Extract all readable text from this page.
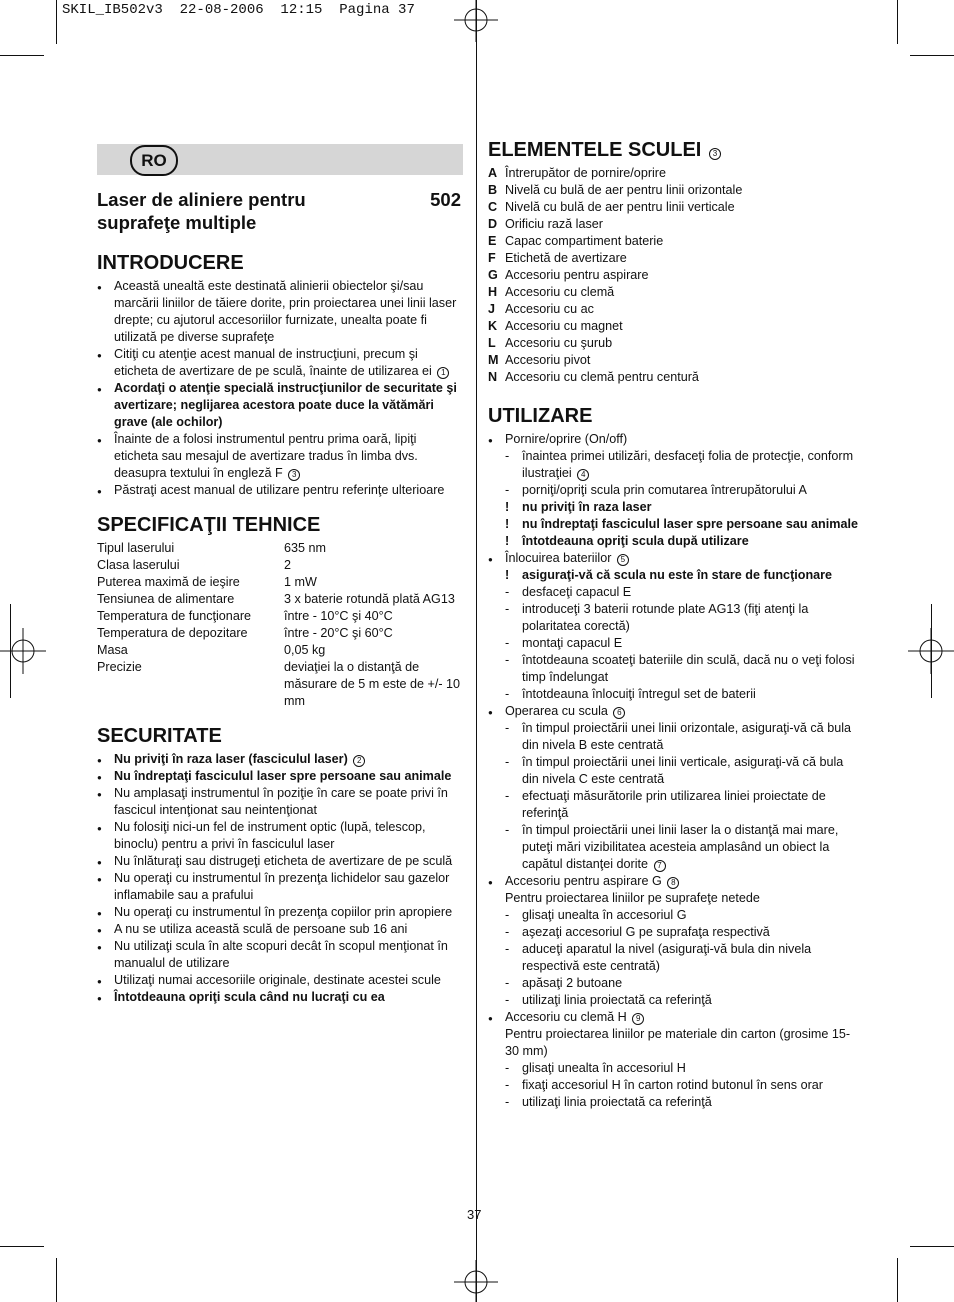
SKIL_IB502v3  22-08-2006  12:15  Pagina 37
RO
Laser de aliniere pentru
suprafeţe multiple
502
INTRODUCERE
● Această unealtă este destinată alinierii obiectelor şi/sau marcării liniilor de tăiere dorite, prin proiectarea unei linii laser drepte; cu ajutorul accesoriilor furnizate, unealta poate fi utilizată pe diverse suprafeţe
● Citiţi cu atenţie acest manual de instrucţiuni, precum şi eticheta de avertizare de pe sculă, înainte de utilizarea ei 1
● Acordaţi o atenţie specială instrucţiunilor de securitate şi avertizare; neglijarea acestora poate duce la vătămări grave (ale ochilor)
● Înainte de a folosi instrumentul pentru prima oară, lipiţi eticheta sau mesajul de avertizare tradus în limba dvs. deasupra textului în engleză F 3
● Păstraţi acest manual de utilizare pentru referinţe ulterioare
SPECIFICAŢII TEHNICE
Tipul laserului	635 nm
Clasa laserului	2
Puterea maximă de ieşire	1 mW
Tensiunea de alimentare	3 x baterie rotundă plată AG13
Temperatura de funcţionare	între - 10°C şi 40°C
Temperatura de depozitare	între - 20°C şi 60°C
Masa	0,05 kg
Precizie	deviaţiei la o distanţă de măsurare de 5 m este de +/- 10 mm
SECURITATE
● Nu priviţi în raza laser (fasciculul laser) 2
● Nu îndreptaţi fasciculul laser spre persoane sau animale
● Nu amplasaţi instrumentul în poziţie în care se poate privi în fascicul intenţionat sau neintenţionat
● Nu folosiţi nici-un fel de instrument optic (lupă, telescop, binoclu) pentru a privi în fasciculul laser
● Nu înlăturaţi sau distrugeţi eticheta de avertizare de pe sculă
● Nu operaţi cu instrumentul în prezenţa lichidelor sau gazelor inflamabile sau a prafului
● Nu operaţi cu instrumentul în prezenţa copiilor prin apropiere
● A nu se utiliza această sculă de persoane sub 16 ani
● Nu utilizaţi scula în alte scopuri decât în scopul menţionat în manualul de utilizare
● Utilizaţi numai accesoriile originale, destinate acestei scule
● Întotdeauna opriţi scula când nu lucraţi cu ea
ELEMENTELE SCULEI 3
A Întrerupător de pornire/oprire
B Nivelă cu bulă de aer pentru linii orizontale
C Nivelă cu bulă de aer pentru linii verticale
D Orificiu rază laser
E Capac compartiment baterie
F Etichetă de avertizare
G Accesoriu pentru aspirare
H Accesoriu cu clemă
J Accesoriu cu ac
K Accesoriu cu magnet
L Accesoriu cu şurub
M Accesoriu pivot
N Accesoriu cu clemă pentru centură
UTILIZARE
● Pornire/oprire (On/off)
-	înaintea primei utilizări, desfaceţi folia de protecţie, conform ilustraţiei 4
-	porniţi/opriţi scula prin comutarea întrerupătorului A
!	nu priviţi în raza laser
!	nu îndreptaţi fasciculul laser spre persoane sau animale
!	întotdeauna opriţi scula după utilizare
● Înlocuirea bateriilor 5
!	asiguraţi-vă că scula nu este în stare de funcţionare
-	desfaceţi capacul E
-	introduceţi 3 baterii rotunde plate AG13 (fiţi atenţi la polaritatea corectă)
-	montaţi capacul E
-	întotdeauna scoateţi bateriile din sculă, dacă nu o veţi folosi timp îndelungat
-	întotdeauna înlocuiţi întregul set de baterii
● Operarea cu scula 6
-	în timpul proiectării unei linii orizontale, asiguraţi-vă că bula din nivela B este centrată
-	în timpul proiectării unei linii verticale, asiguraţi-vă că bula din nivela C este centrată
-	efectuaţi măsurătorile prin utilizarea liniei proiectate de referinţă
-	în timpul proiectării unei linii laser la o distanţă mai mare, puteţi mări vizibilitatea acesteia amplasând un obiect la capătul distanţei dorite 7
● Accesoriu pentru aspirare G 8
Pentru proiectarea liniilor pe suprafeţe netede
-	glisaţi unealta în accesoriul G
-	aşezaţi accesoriul G pe suprafaţa respectivă
-	aduceţi aparatul la nivel (asiguraţi-vă bula din nivela respectivă este centrată)
-	apăsaţi 2 butoane
-	utilizaţi linia proiectată ca referinţă
● Accesoriu cu clemă H 9
Pentru proiectarea liniilor pe materiale din carton (grosime 15-30 mm)
-	glisaţi unealta în accesoriul H
-	fixaţi accesoriul H în carton rotind butonul în sens orar
-	utilizaţi linia proiectată ca referinţă
37
